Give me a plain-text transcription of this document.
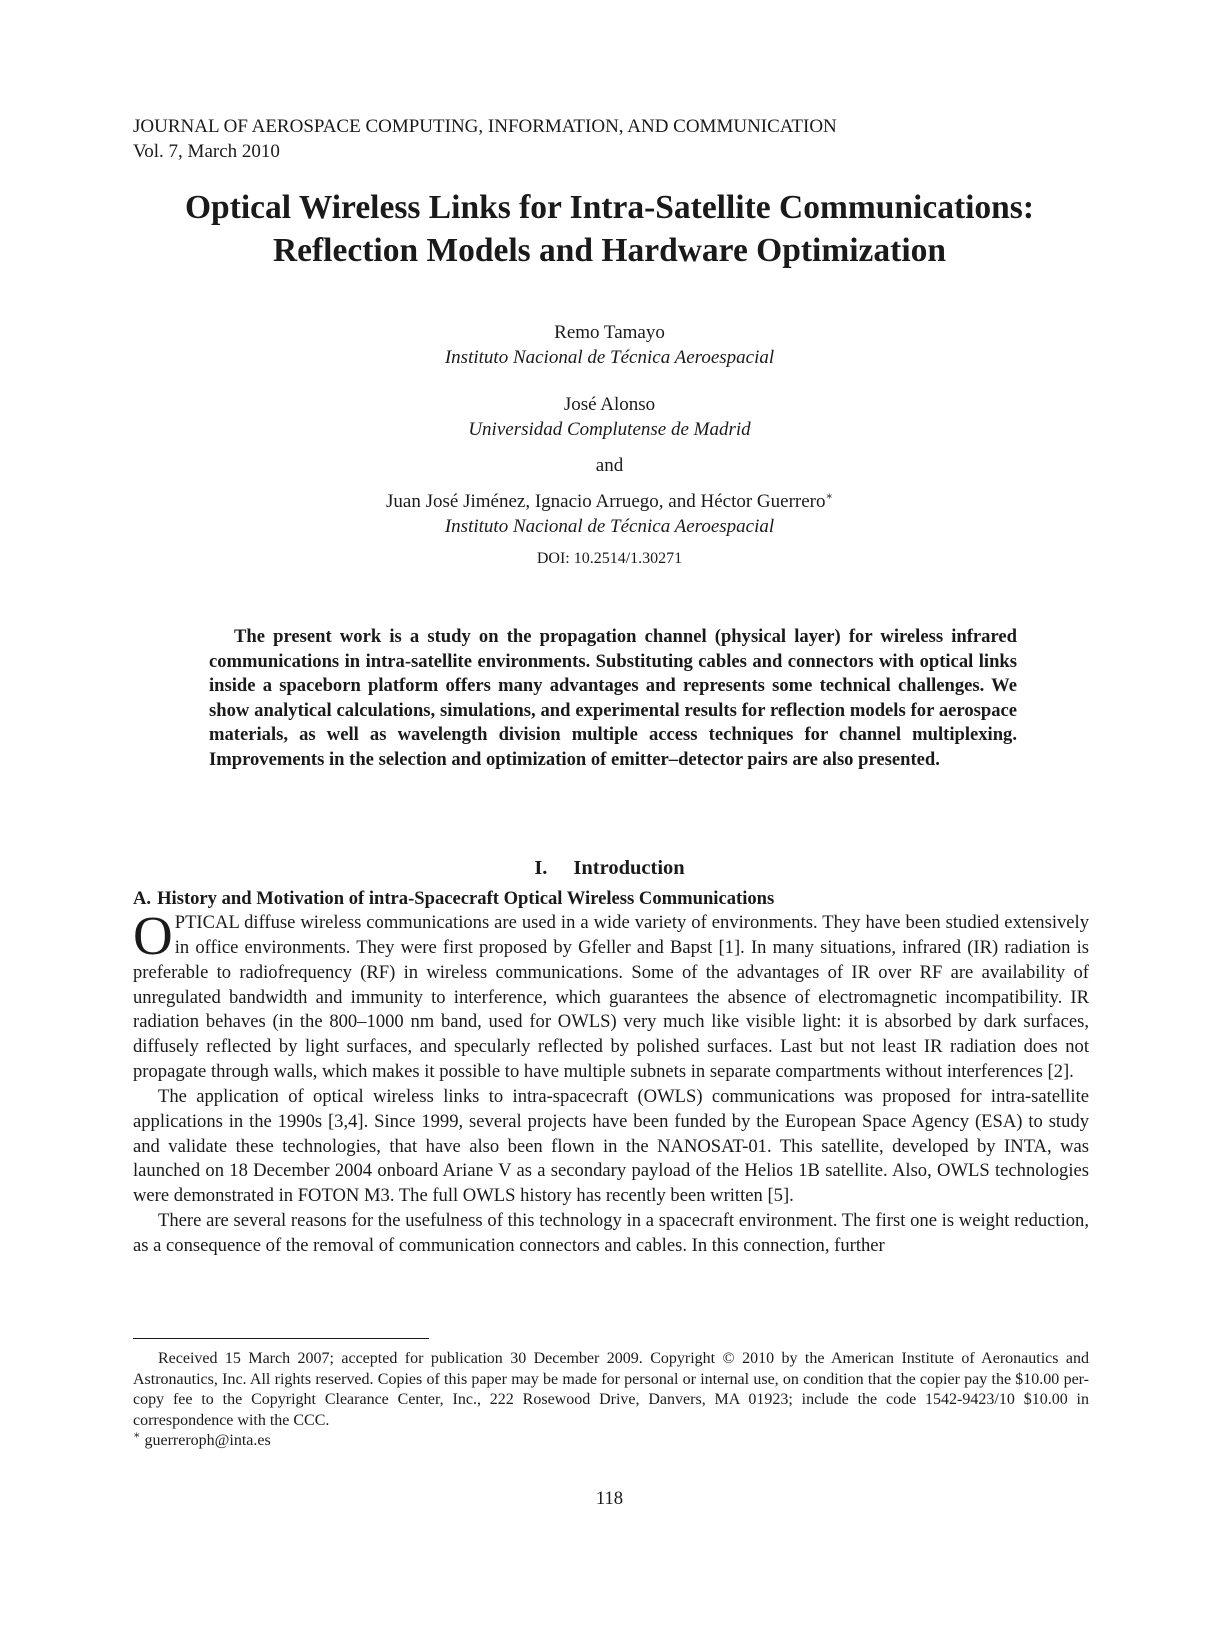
JOURNAL OF AEROSPACE COMPUTING, INFORMATION, AND COMMUNICATION
Vol. 7, March 2010
Optical Wireless Links for Intra-Satellite Communications:
Reflection Models and Hardware Optimization
Remo Tamayo
Instituto Nacional de Técnica Aeroespacial
José Alonso
Universidad Complutense de Madrid
and
Juan José Jiménez, Ignacio Arruego, and Héctor Guerrero∗
Instituto Nacional de Técnica Aeroespacial
DOI: 10.2514/1.30271

The present work is a study on the propagation channel (physical layer) for wireless infrared communications in intra-satellite environments. Substituting cables and connectors with optical links inside a spaceborn platform offers many advantages and represents some technical challenges. We show analytical calculations, simulations, and experimental results for reflection models for aerospace materials, as well as wavelength division multiple access techniques for channel multiplexing. Improvements in the selection and optimization of emitter–detector pairs are also presented.

I. Introduction
A. History and Motivation of intra-Spacecraft Optical Wireless Communications

OPTICAL diffuse wireless communications are used in a wide variety of environments. They have been studied extensively in office environments. They were first proposed by Gfeller and Bapst [1]. In many situations, infrared (IR) radiation is preferable to radiofrequency (RF) in wireless communications. Some of the advantages of IR over RF are availability of unregulated bandwidth and immunity to interference, which guarantees the absence of electromagnetic incompatibility. IR radiation behaves (in the 800–1000 nm band, used for OWLS) very much like visible light: it is absorbed by dark surfaces, diffusely reflected by light surfaces, and specularly reflected by polished surfaces. Last but not least IR radiation does not propagate through walls, which makes it possible to have multiple subnets in separate compartments without interferences [2].

The application of optical wireless links to intra-spacecraft (OWLS) communications was proposed for intra-satellite applications in the 1990s [3,4]. Since 1999, several projects have been funded by the European Space Agency (ESA) to study and validate these technologies, that have also been flown in the NANOSAT-01. This satellite, developed by INTA, was launched on 18 December 2004 onboard Ariane V as a secondary payload of the Helios 1B satellite. Also, OWLS technologies were demonstrated in FOTON M3. The full OWLS history has recently been written [5].

There are several reasons for the usefulness of this technology in a spacecraft environment. The first one is weight reduction, as a consequence of the removal of communication connectors and cables. In this connection, further

Received 15 March 2007; accepted for publication 30 December 2009. Copyright © 2010 by the American Institute of Aeronautics and Astronautics, Inc. All rights reserved. Copies of this paper may be made for personal or internal use, on condition that the copier pay the $10.00 per-copy fee to the Copyright Clearance Center, Inc., 222 Rosewood Drive, Danvers, MA 01923; include the code 1542-9423/10 $10.00 in correspondence with the CCC.

∗ guerreroph@inta.es

118
